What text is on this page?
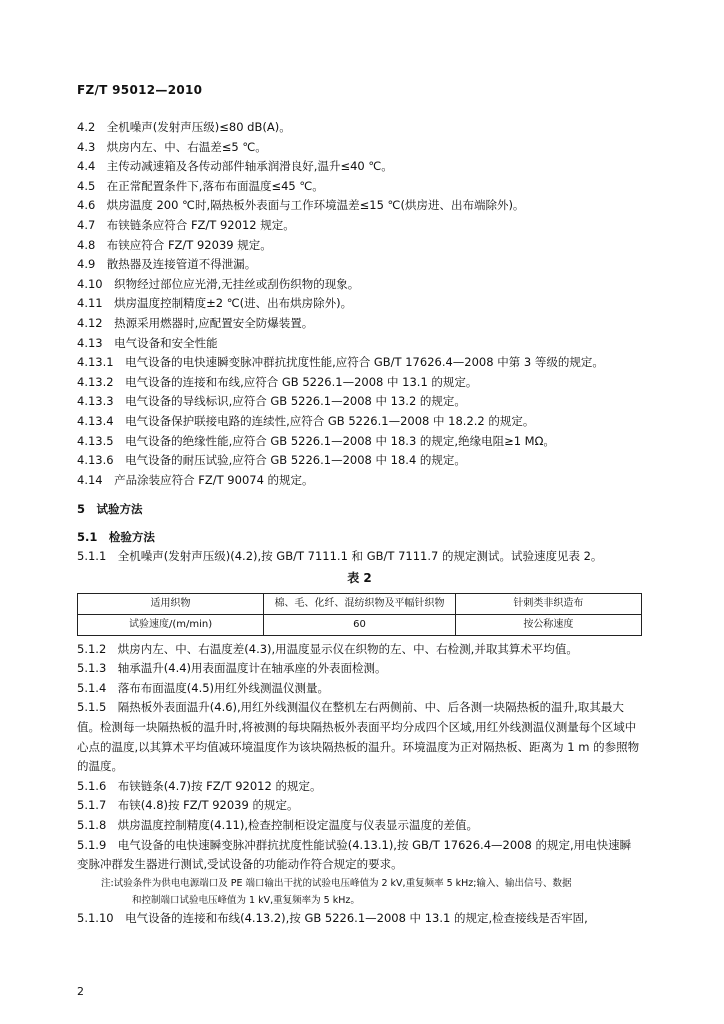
FZ/T 95012—2010
4.2　全机噪声(发射声压级)≤80 dB(A)。
4.3　烘房内左、中、右温差≤5 ℃。
4.4　主传动减速箱及各传动部件轴承润滑良好,温升≤40 ℃。
4.5　在正常配置条件下,落布布面温度≤45 ℃。
4.6　烘房温度 200 ℃时,隔热板外表面与工作环境温差≤15 ℃(烘房进、出布端除外)。
4.7　布铗链条应符合 FZ/T 92012 规定。
4.8　布铗应符合 FZ/T 92039 规定。
4.9　散热器及连接管道不得泄漏。
4.10　织物经过部位应光滑,无挂丝或刮伤织物的现象。
4.11　烘房温度控制精度±2 ℃(进、出布烘房除外)。
4.12　热源采用燃器时,应配置安全防爆装置。
4.13　电气设备和安全性能
4.13.1　电气设备的电快速瞬变脉冲群抗扰度性能,应符合 GB/T 17626.4—2008 中第 3 等级的规定。
4.13.2　电气设备的连接和布线,应符合 GB 5226.1—2008 中 13.1 的规定。
4.13.3　电气设备的导线标识,应符合 GB 5226.1—2008 中 13.2 的规定。
4.13.4　电气设备保护联接电路的连续性,应符合 GB 5226.1—2008 中 18.2.2 的规定。
4.13.5　电气设备的绝缘性能,应符合 GB 5226.1—2008 中 18.3 的规定,绝缘电阻≥1 MΩ。
4.13.6　电气设备的耐压试验,应符合 GB 5226.1—2008 中 18.4 的规定。
4.14　产品涂装应符合 FZ/T 90074 的规定。
5　试验方法
5.1　检验方法
5.1.1　全机噪声(发射声压级)(4.2),按 GB/T 7111.1 和 GB/T 7111.7 的规定测试。试验速度见表 2。
表 2
适用织物	棉、毛、化纤、混纺织物及平幅针织物	针刺类非织造布
试验速度/(m/min)	60	按公称速度
5.1.2　烘房内左、中、右温度差(4.3),用温度显示仪在织物的左、中、右检测,并取其算术平均值。
5.1.3　轴承温升(4.4)用表面温度计在轴承座的外表面检测。
5.1.4　落布布面温度(4.5)用红外线测温仪测量。
5.1.5　隔热板外表面温升(4.6),用红外线测温仪在整机左右两侧前、中、后各测一块隔热板的温升,取其最大值。检测每一块隔热板的温升时,将被测的每块隔热板外表面平均分成四个区域,用红外线测温仪测量每个区域中心点的温度,以其算术平均值减环境温度作为该块隔热板的温升。环境温度为正对隔热板、距离为 1 m 的参照物的温度。
5.1.6　布铗链条(4.7)按 FZ/T 92012 的规定。
5.1.7　布铗(4.8)按 FZ/T 92039 的规定。
5.1.8　烘房温度控制精度(4.11),检查控制柜设定温度与仪表显示温度的差值。
5.1.9　电气设备的电快速瞬变脉冲群抗扰度性能试验(4.13.1),按 GB/T 17626.4—2008 的规定,用电快速瞬变脉冲群发生器进行测试,受试设备的功能动作符合规定的要求。
注:试验条件为供电电源端口及 PE 端口输出干扰的试验电压峰值为 2 kV,重复频率 5 kHz;输入、输出信号、数据
和控制端口试验电压峰值为 1 kV,重复频率为 5 kHz。
5.1.10　电气设备的连接和布线(4.13.2),按 GB 5226.1—2008 中 13.1 的规定,检查接线是否牢固,
2
